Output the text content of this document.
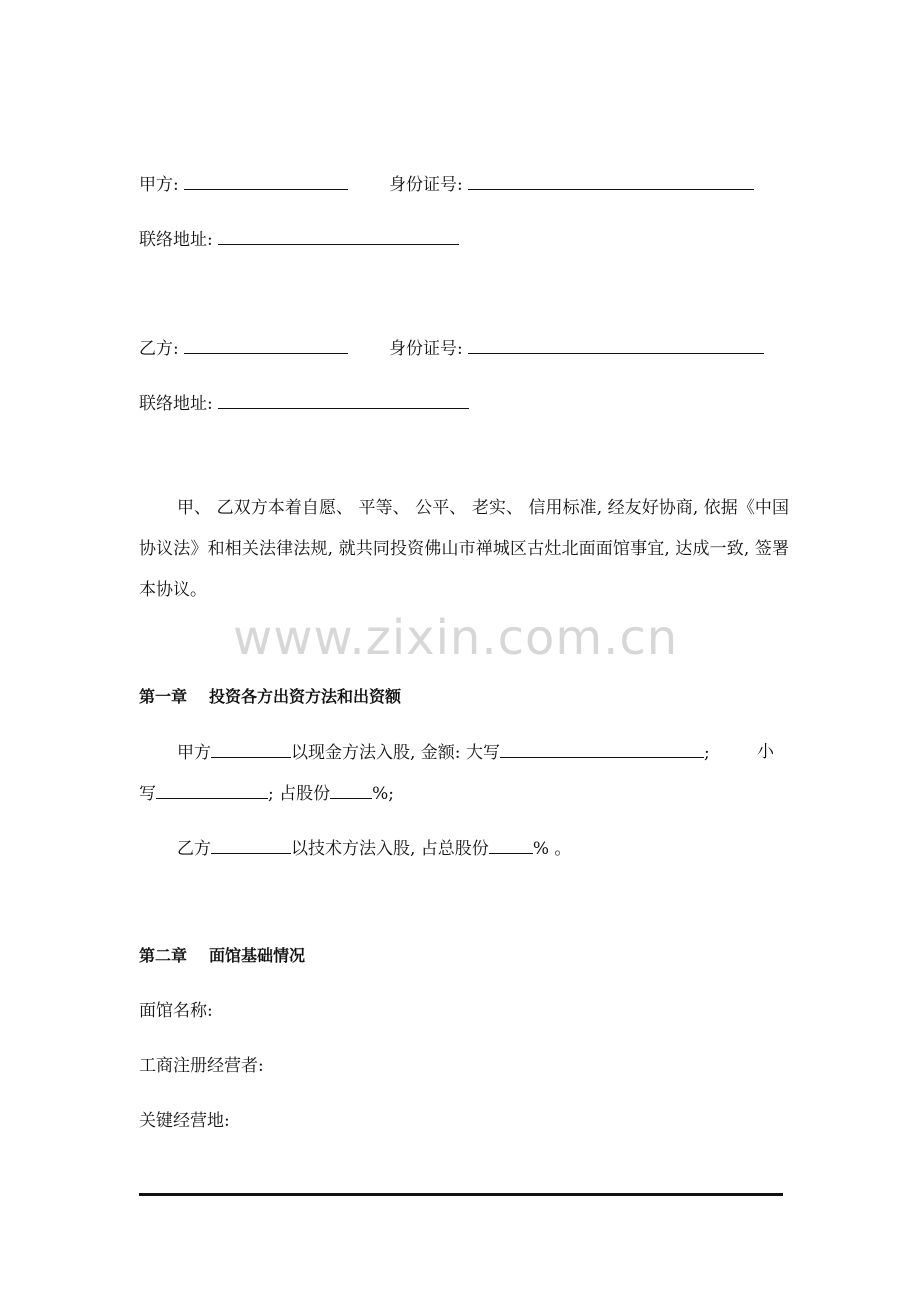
甲方:	身份证号:
联络地址:
乙方:	身份证号:
联络地址:
甲、 乙双方本着自愿、 平等、 公平、 老实、 信用标准, 经友好协商, 依据《中国协议法》和相关法律法规, 就共同投资佛山市禅城区古灶北面面馆事宜, 达成一致, 签署本协议。
www.zixin.com.cn
第一章 投资各方出资方法和出资额
甲方	以现金方法入股, 金额: 大写	;	小
写	; 占股份 %;
乙方	以技术方法入股, 占总股份	% 。
第二章 面馆基础情况
面馆名称:
工商注册经营者:
关键经营地:
